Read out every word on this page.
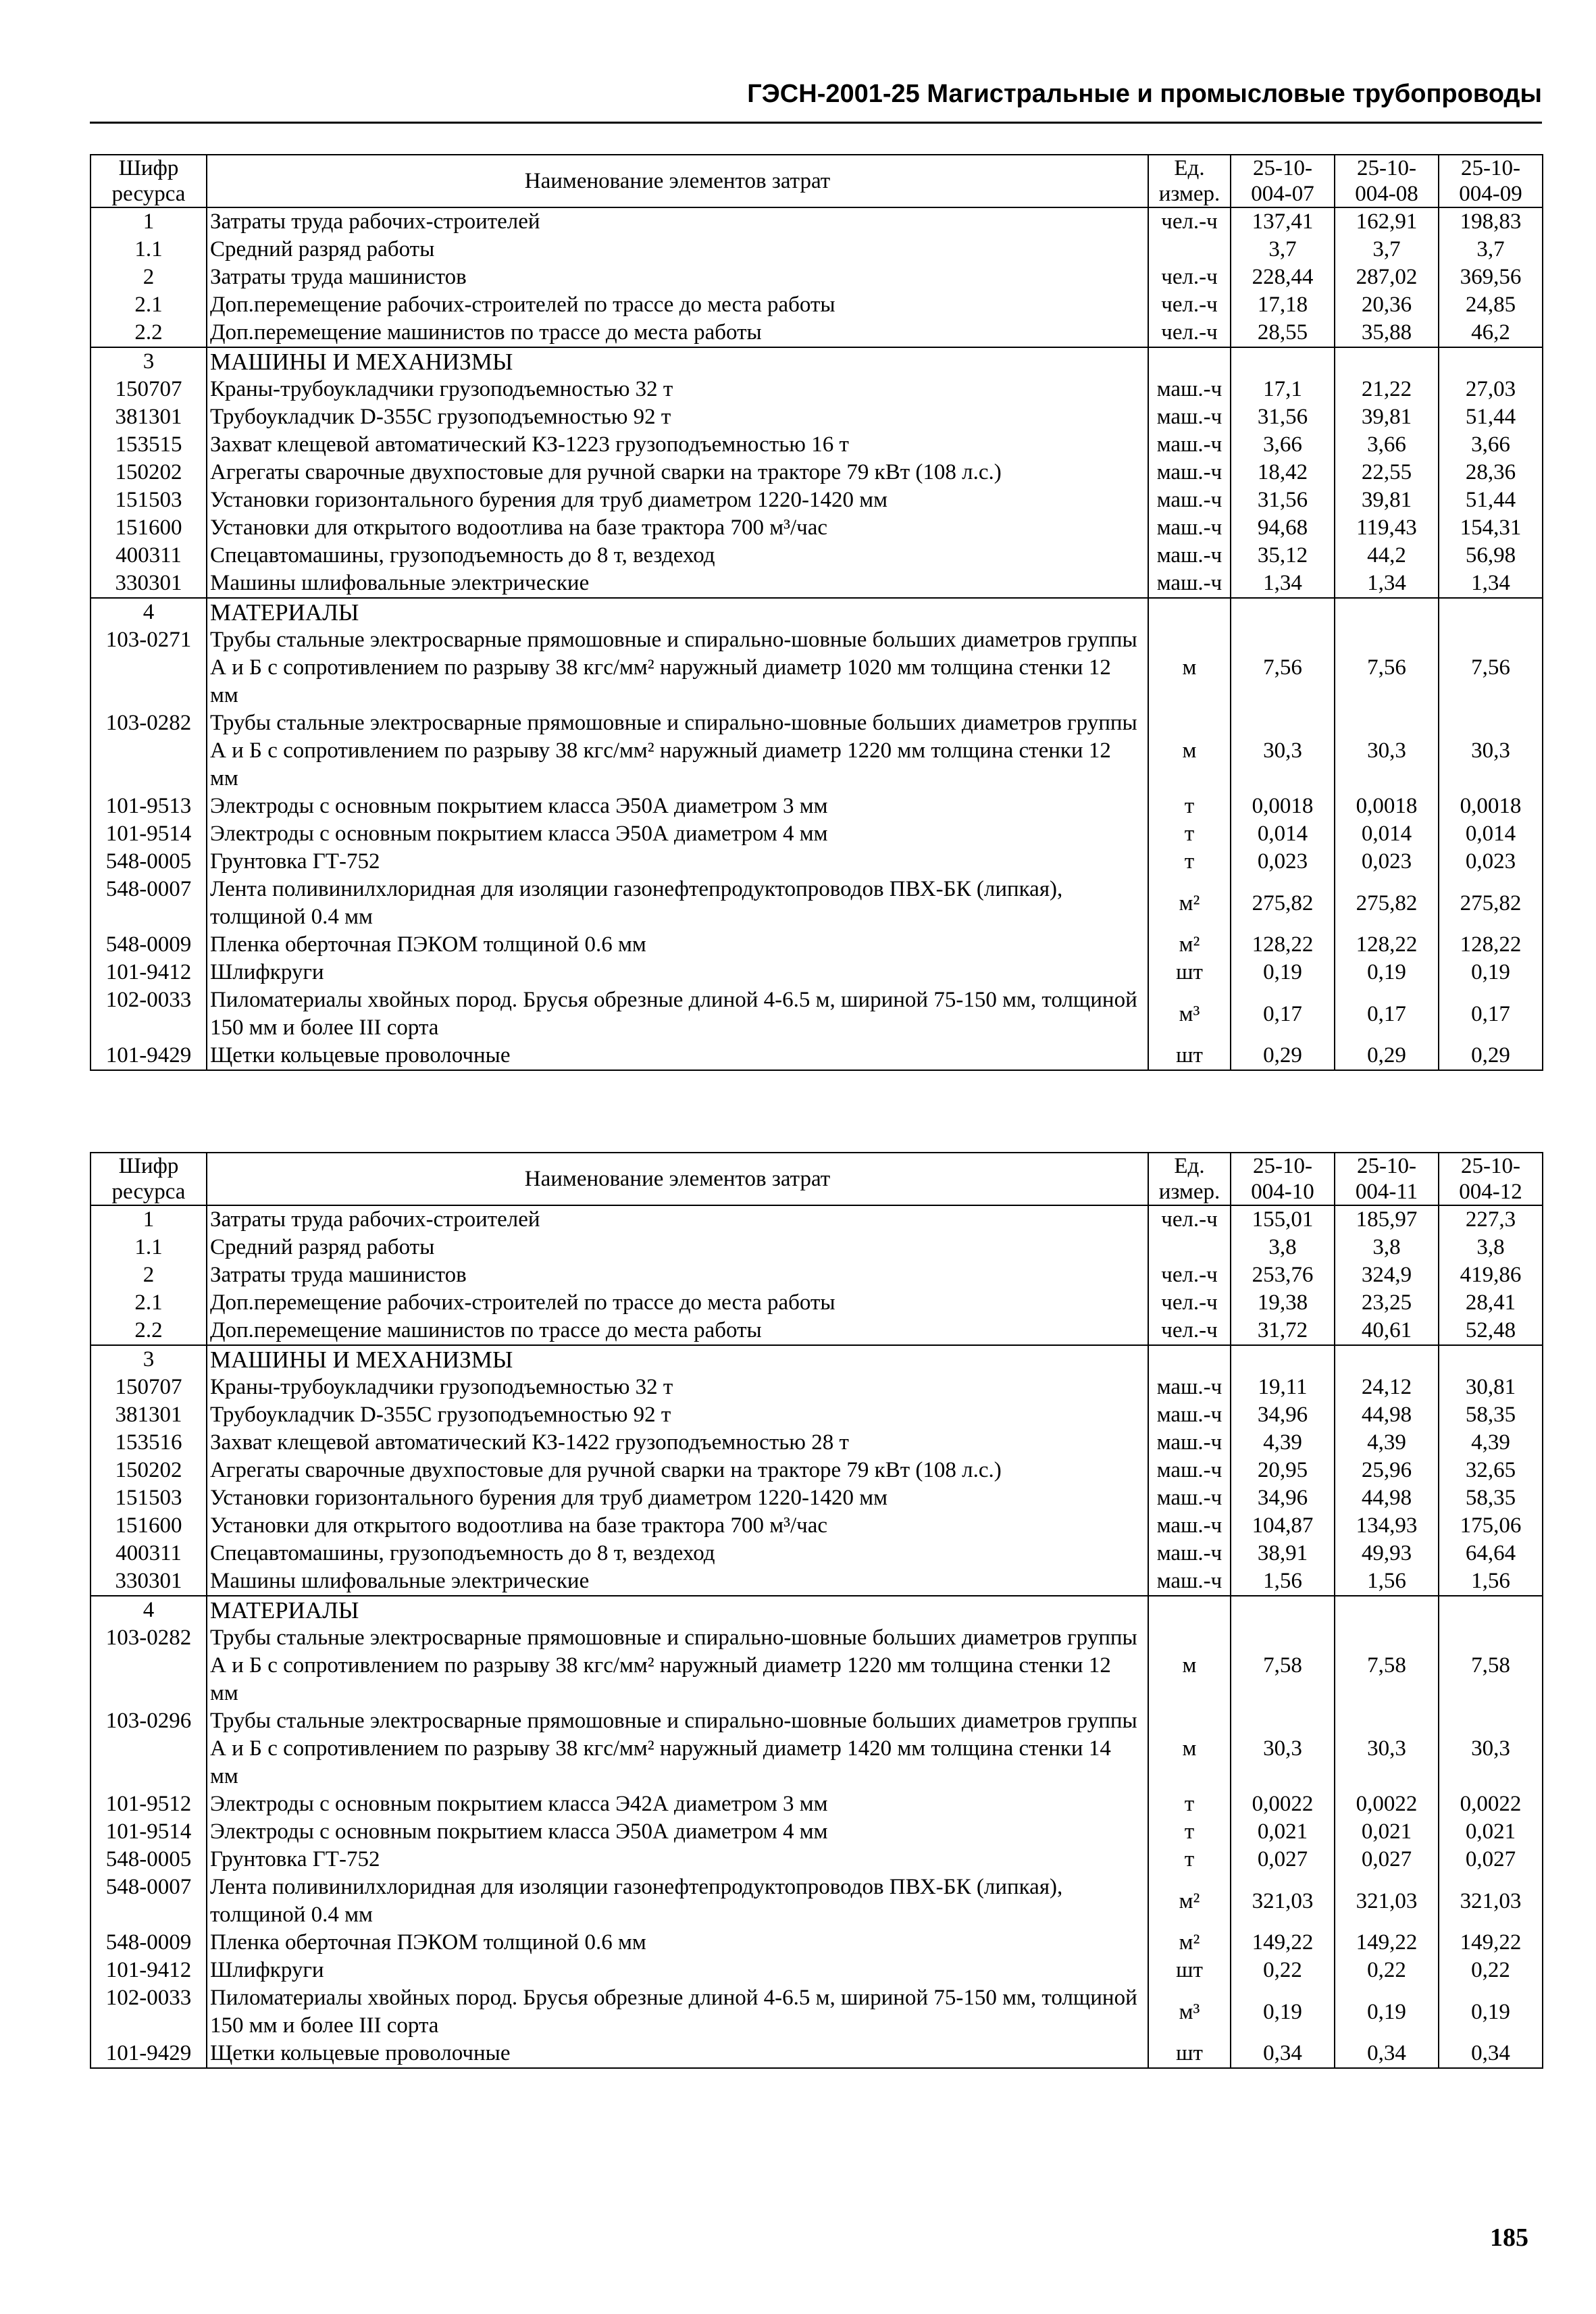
ГЭСН-2001-25 Магистральные и промысловые трубопроводы
Шифр ресурса	Наименование элементов затрат	Ед. измер.	25-10-004-07	25-10-004-08	25-10-004-09
1	Затраты труда рабочих-строителей	чел.-ч	137,41	162,91	198,83
1.1	Средний разряд работы		3,7	3,7	3,7
2	Затраты труда машинистов	чел.-ч	228,44	287,02	369,56
2.1	Доп.перемещение рабочих-строителей по трассе до места работы	чел.-ч	17,18	20,36	24,85
2.2	Доп.перемещение машинистов по трассе до места работы	чел.-ч	28,55	35,88	46,2
3	МАШИНЫ И МЕХАНИЗМЫ				
150707	Краны-трубоукладчики грузоподъемностью 32 т	маш.-ч	17,1	21,22	27,03
381301	Трубоукладчик D-355C грузоподъемностью 92 т	маш.-ч	31,56	39,81	51,44
153515	Захват клещевой автоматический КЗ-1223 грузоподъемностью 16 т	маш.-ч	3,66	3,66	3,66
150202	Агрегаты сварочные двухпостовые для ручной сварки на тракторе 79 кВт (108 л.с.)	маш.-ч	18,42	22,55	28,36
151503	Установки горизонтального бурения для труб диаметром 1220-1420 мм	маш.-ч	31,56	39,81	51,44
151600	Установки для открытого водоотлива на базе трактора 700 м³/час	маш.-ч	94,68	119,43	154,31
400311	Спецавтомашины, грузоподъемность до 8 т, вездеход	маш.-ч	35,12	44,2	56,98
330301	Машины шлифовальные электрические	маш.-ч	1,34	1,34	1,34
4	МАТЕРИАЛЫ				
103-0271	Трубы стальные электросварные прямошовные и спирально-шовные больших диаметров группы А и Б с сопротивлением по разрыву 38 кгс/мм² наружный диаметр 1020 мм толщина стенки 12 мм	м	7,56	7,56	7,56
103-0282	Трубы стальные электросварные прямошовные и спирально-шовные больших диаметров группы А и Б с сопротивлением по разрыву 38 кгс/мм² наружный диаметр 1220 мм толщина стенки 12 мм	м	30,3	30,3	30,3
101-9513	Электроды с основным покрытием класса Э50А диаметром 3 мм	т	0,0018	0,0018	0,0018
101-9514	Электроды с основным покрытием класса Э50А диаметром 4 мм	т	0,014	0,014	0,014
548-0005	Грунтовка ГТ-752	т	0,023	0,023	0,023
548-0007	Лента поливинилхлоридная для изоляции газонефтепродуктопроводов ПВХ-БК (липкая), толщиной 0.4 мм	м²	275,82	275,82	275,82
548-0009	Пленка оберточная ПЭКОМ толщиной 0.6 мм	м²	128,22	128,22	128,22
101-9412	Шлифкруги	шт	0,19	0,19	0,19
102-0033	Пиломатериалы хвойных пород. Брусья обрезные длиной 4-6.5 м, шириной 75-150 мм, толщиной 150 мм и более III сорта	м³	0,17	0,17	0,17
101-9429	Щетки кольцевые проволочные	шт	0,29	0,29	0,29
Шифр ресурса	Наименование элементов затрат	Ед. измер.	25-10-004-10	25-10-004-11	25-10-004-12
1	Затраты труда рабочих-строителей	чел.-ч	155,01	185,97	227,3
1.1	Средний разряд работы		3,8	3,8	3,8
2	Затраты труда машинистов	чел.-ч	253,76	324,9	419,86
2.1	Доп.перемещение рабочих-строителей по трассе до места работы	чел.-ч	19,38	23,25	28,41
2.2	Доп.перемещение машинистов по трассе до места работы	чел.-ч	31,72	40,61	52,48
3	МАШИНЫ И МЕХАНИЗМЫ				
150707	Краны-трубоукладчики грузоподъемностью 32 т	маш.-ч	19,11	24,12	30,81
381301	Трубоукладчик D-355C грузоподъемностью 92 т	маш.-ч	34,96	44,98	58,35
153516	Захват клещевой автоматический КЗ-1422 грузоподъемностью 28 т	маш.-ч	4,39	4,39	4,39
150202	Агрегаты сварочные двухпостовые для ручной сварки на тракторе 79 кВт (108 л.с.)	маш.-ч	20,95	25,96	32,65
151503	Установки горизонтального бурения для труб диаметром 1220-1420 мм	маш.-ч	34,96	44,98	58,35
151600	Установки для открытого водоотлива на базе трактора 700 м³/час	маш.-ч	104,87	134,93	175,06
400311	Спецавтомашины, грузоподъемность до 8 т, вездеход	маш.-ч	38,91	49,93	64,64
330301	Машины шлифовальные электрические	маш.-ч	1,56	1,56	1,56
4	МАТЕРИАЛЫ				
103-0282	Трубы стальные электросварные прямошовные и спирально-шовные больших диаметров группы А и Б с сопротивлением по разрыву 38 кгс/мм² наружный диаметр 1220 мм толщина стенки 12 мм	м	7,58	7,58	7,58
103-0296	Трубы стальные электросварные прямошовные и спирально-шовные больших диаметров группы А и Б с сопротивлением по разрыву 38 кгс/мм² наружный диаметр 1420 мм толщина стенки 14 мм	м	30,3	30,3	30,3
101-9512	Электроды с основным покрытием класса Э42А диаметром 3 мм	т	0,0022	0,0022	0,0022
101-9514	Электроды с основным покрытием класса Э50А диаметром 4 мм	т	0,021	0,021	0,021
548-0005	Грунтовка ГТ-752	т	0,027	0,027	0,027
548-0007	Лента поливинилхлоридная для изоляции газонефтепродуктопроводов ПВХ-БК (липкая), толщиной 0.4 мм	м²	321,03	321,03	321,03
548-0009	Пленка оберточная ПЭКОМ толщиной 0.6 мм	м²	149,22	149,22	149,22
101-9412	Шлифкруги	шт	0,22	0,22	0,22
102-0033	Пиломатериалы хвойных пород. Брусья обрезные длиной 4-6.5 м, шириной 75-150 мм, толщиной 150 мм и более III сорта	м³	0,19	0,19	0,19
101-9429	Щетки кольцевые проволочные	шт	0,34	0,34	0,34
185
